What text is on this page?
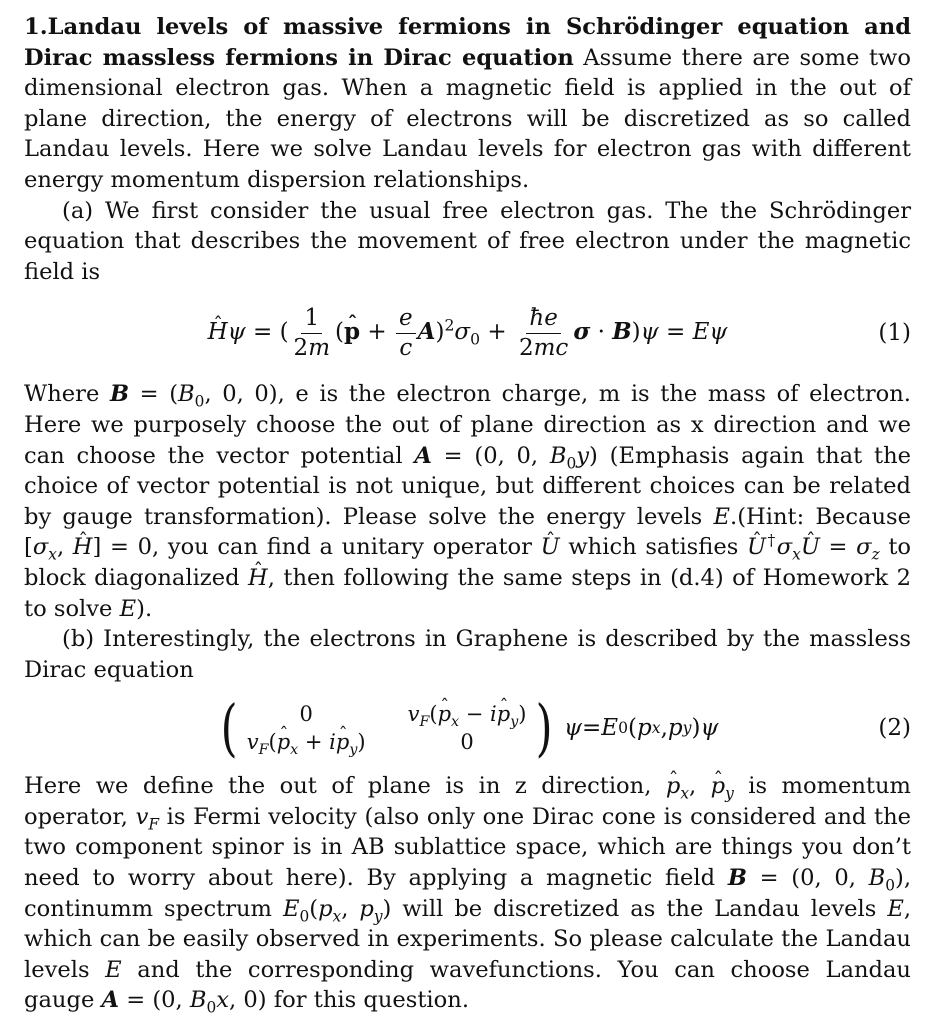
1.Landau levels of massive fermions in Schrödinger equation and Dirac massless fermions in Dirac equation Assume there are some two dimensional electron gas. When a magnetic field is applied in the out of plane direction, the energy of electrons will be discretized as so called Landau levels. Here we solve Landau levels for electron gas with different energy momentum dispersion relationships.

(a) We first consider the usual free electron gas. The the Schrödinger equation that describes the movement of free electron under the magnetic field is

ˆ Hψ = ( $\frac{1}{2m}$ (ˆ $p + \frac{e}{c} A)^2\sigma_0 + \frac{ħe}{2mc}$ σ · B)ψ = Eψ	(1)

Where $B = (B_0$, 0, 0), e is the electron charge, m is the mass of electron. Here we purposely choose the out of plane direction as x direction and we can choose the vector potential A = (0, 0, $B_0y$) (Emphasis again that the choice of vector potential is not unique, but different choices can be related by gauge transformation). Please solve the energy levels E.(Hint: Because [$\sigma_x$, ˆ H] = 0, you can find a unitary operator ˆ U which satisfies ˆ $U^\dagger\sigma_xˆ$ $U = \sigma_z$ to block diagonalized ˆ H, then following the same steps in (d.4) of Homework 2 to solve E).

(b) Interestingly, the electrons in Graphene is described by the massless Dirac equation

(	0	$v_F(ˆ$ $p_x$ − iˆ $p_y$)
$v_F(ˆ$ $p_x$ + iˆ $p_y$)	0	)
ψ = E 0 ( p x , p y ) ψ	(2)

Here we define the out of plane is in z direction, ˆ $p_x$, ˆ $p_y$ is momentum operator, $v_F$ is Fermi velocity (also only one Dirac cone is considered and the two component spinor is in AB sublattice space, which are things you don’t need to worry about here). By applying a magnetic field B = (0, 0, $B_0$), continumm spectrum $E_0(p_x$, $p_y$) will be discretized as the Landau levels E, which can be easily observed in experiments. So please calculate the Landau levels E and the corresponding wavefunctions. You can choose Landau gauge A = (0, $B_0x$, 0) for this question.
